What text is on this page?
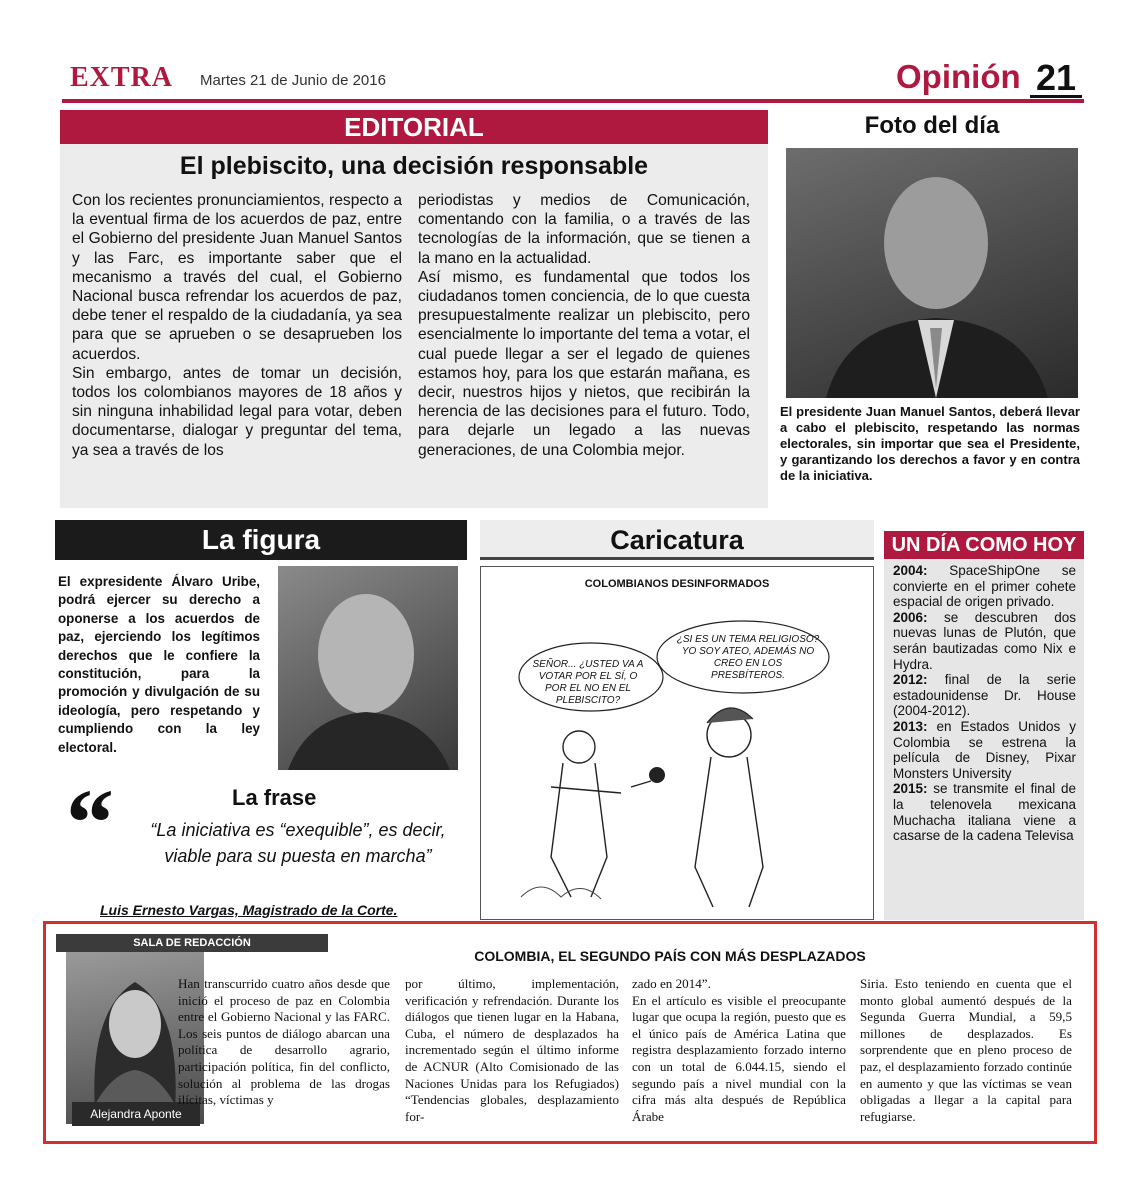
EXTRA Martes 21 de Junio de 2016	Opinión 21
EDITORIAL
El plebiscito, una decisión responsable
Con los recientes pronunciamientos, respecto a la eventual firma de los acuerdos de paz, entre el Gobierno del presidente Juan Manuel Santos y las Farc, es importante saber que el mecanismo a través del cual, el Gobierno Nacional busca refrendar los acuerdos de paz, debe tener el respaldo de la ciudadanía, ya sea para que se aprueben o se desaprueben los acuerdos.
Sin embargo, antes de tomar un decisión, todos los colombianos mayores de 18 años y sin ninguna inhabilidad legal para votar, deben documentarse, dialogar y preguntar del tema, ya sea a través de los
periodistas y medios de Comunicación, comentando con la familia, o a través de las tecnologías de la información, que se tienen a la mano en la actualidad.
Así mismo, es fundamental que todos los ciudadanos tomen conciencia, de lo que cuesta presupuestalmente realizar un plebiscito, pero esencialmente lo importante del tema a votar, el cual puede llegar a ser el legado de quienes estamos hoy, para los que estarán mañana, es decir, nuestros hijos y nietos, que recibirán la herencia de las decisiones para el futuro. Todo, para dejarle un legado a las nuevas generaciones, de una Colombia mejor.
Foto del día
El presidente Juan Manuel Santos, deberá llevar a cabo el plebiscito, respetando las normas electorales, sin importar que sea el Presidente, y garantizando los derechos a favor y en contra de la iniciativa.
La figura
El expresidente Álvaro Uribe, podrá ejercer su derecho a oponerse a los acuerdos de paz, ejerciendo los legítimos derechos que le confiere la constitución, para la promoción y divulgación de su ideología, pero respetando y cumpliendo con la ley electoral.
“	La frase
“La iniciativa es “exequible”, es decir, viable para su puesta en marcha”
Luis Ernesto Vargas, Magistrado de la Corte.
Caricatura
COLOMBIANOS DESINFORMADOS
SEÑOR... ¿USTED VA A VOTAR POR EL SÍ, O POR EL NO EN EL PLEBISCITO?
¿SI ES UN TEMA RELIGIOSO? YO SOY ATEO, ADEMÁS NO CREO EN LOS PRESBÍTEROS.
UN DÍA COMO HOY
2004: SpaceShipOne se convierte en el primer cohete espacial de origen privado.
2006: se descubren dos nuevas lunas de Plutón, que serán bautizadas como Nix e Hydra.
2012: final de la serie estadounidense Dr. House (2004-2012).
2013: en Estados Unidos y Colombia se estrena la película de Disney, Pixar Monsters University
2015: se transmite el final de la telenovela mexicana Muchacha italiana viene a casarse de la cadena Televisa
SALA DE REDACCIÓN
Alejandra Aponte
COLOMBIA, EL SEGUNDO PAÍS CON MÁS DESPLAZADOS
Han transcurrido cuatro años desde que inició el proceso de paz en Colombia entre el Gobierno Nacional y las FARC. Los seis puntos de diálogo abarcan una política de desarrollo agrario, participación política, fin del conflicto, solución al problema de las drogas ilícitas, víctimas y
por último, implementación, verificación y refrendación. Durante los diálogos que tienen lugar en la Habana, Cuba, el número de desplazados ha incrementado según el último informe de ACNUR (Alto Comisionado de las Naciones Unidas para los Refugiados) “Tendencias globales, desplazamiento for-
zado en 2014”.
En el artículo es visible el preocupante lugar que ocupa la región, puesto que es el único país de América Latina que registra desplazamiento forzado interno con un total de 6.044.15, siendo el segundo país a nivel mundial con la cifra más alta después de República Árabe
Siria. Esto teniendo en cuenta que el monto global aumentó después de la Segunda Guerra Mundial, a 59,5 millones de desplazados. Es sorprendente que en pleno proceso de paz, el desplazamiento forzado continúe en aumento y que las víctimas se vean obligadas a llegar a la capital para refugiarse.
